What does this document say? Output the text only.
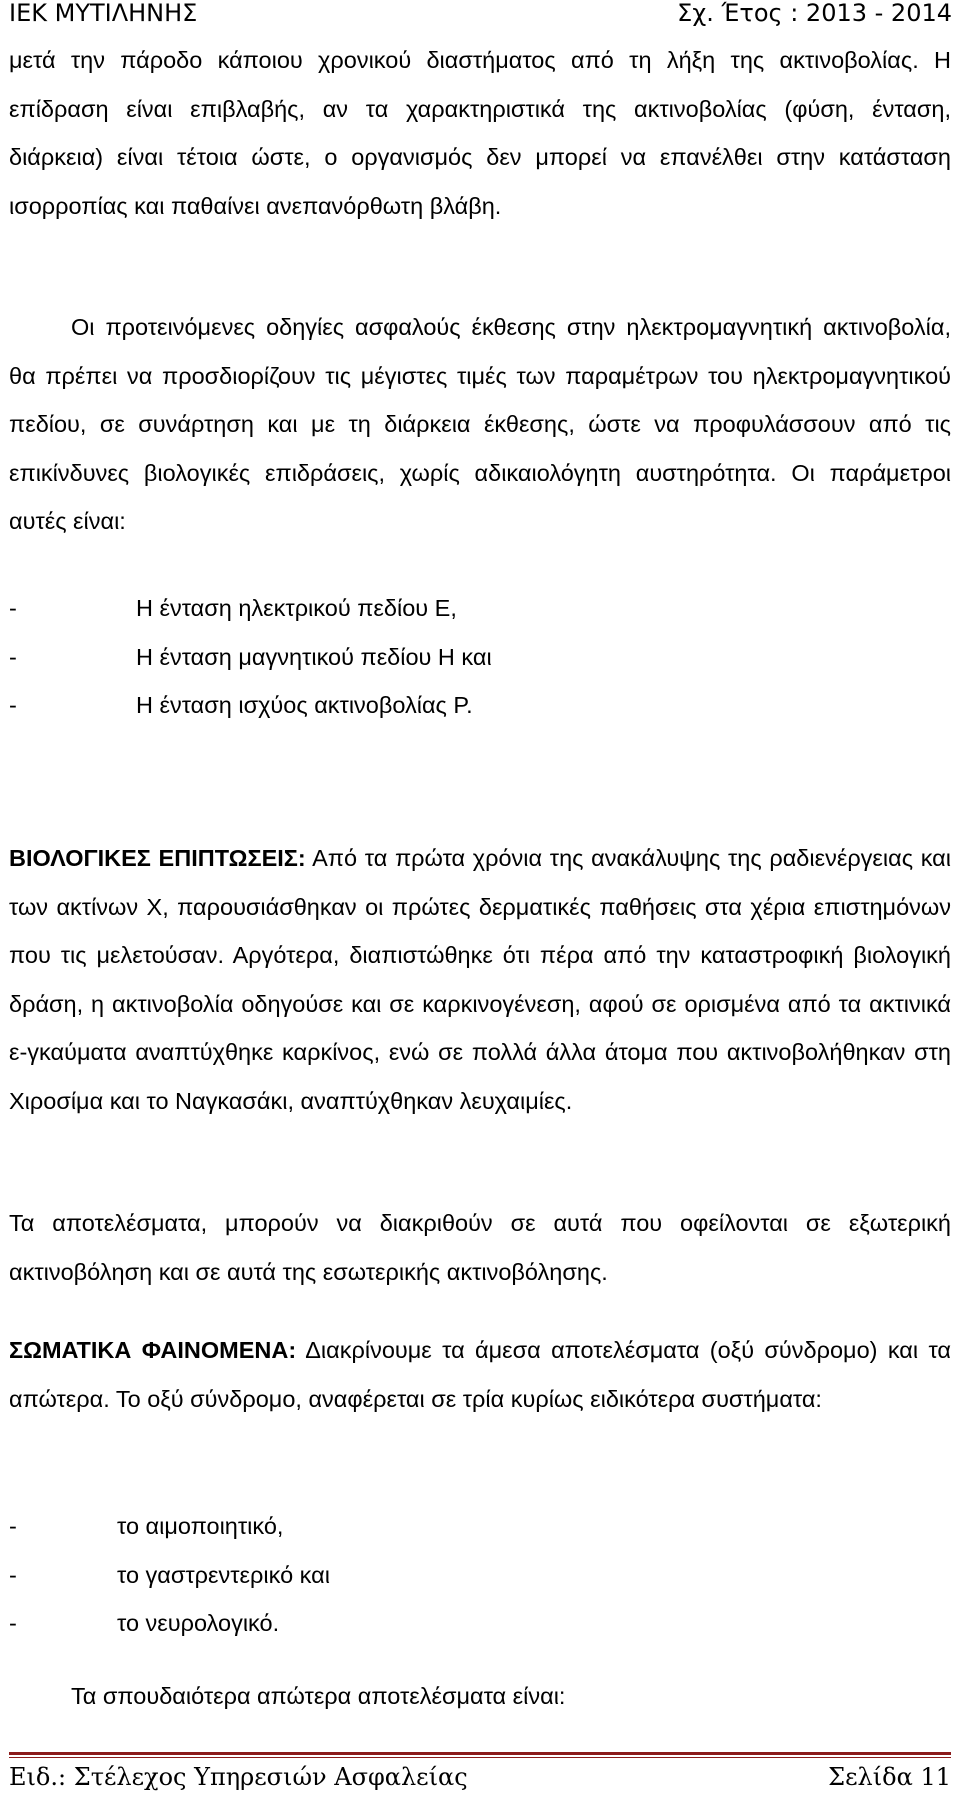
ΙΕΚ ΜΥΤΙΛΗΝΗΣ	Σχ. Έτος : 2013 - 2014
μετά την πάροδο κάποιου χρονικού διαστήματος από τη λήξη της ακτινοβολίας. Η επίδραση είναι επιβλαβής, αν τα χαρακτηριστικά της ακτινοβολίας (φύση, ένταση, διάρκεια) είναι τέτοια ώστε, ο οργανισμός δεν μπορεί να επανέλθει στην κατάσταση ισορροπίας και παθαίνει ανεπανόρθωτη βλάβη.
Οι προτεινόμενες οδηγίες ασφαλούς έκθεσης στην ηλεκτρομαγνητική ακτινοβολία, θα πρέπει να προσδιορίζουν τις μέγιστες τιμές των παραμέτρων του ηλεκτρομαγνητικού πεδίου, σε συνάρτηση και με τη διάρκεια έκθεσης, ώστε να προφυλάσσουν από τις επικίνδυνες βιολογικές επιδράσεις, χωρίς αδικαιολόγητη αυστηρότητα. Οι παράμετροι αυτές είναι:
-	Η ένταση ηλεκτρικού πεδίου Ε,
-	Η ένταση μαγνητικού πεδίου Η και
-	Η ένταση ισχύος ακτινοβολίας Ρ.
ΒΙΟΛΟΓΙΚΕΣ ΕΠΙΠΤΩΣΕΙΣ: Από τα πρώτα χρόνια της ανακάλυψης της ραδιενέργειας και των ακτίνων Χ, παρουσιάσθηκαν οι πρώτες δερματικές παθήσεις στα χέρια επιστημόνων που τις μελετούσαν. Αργότερα, διαπιστώθηκε ότι πέρα από την καταστροφική βιολογική δράση, η ακτινοβολία οδηγούσε και σε καρκινογένεση, αφού σε ορισμένα από τα ακτινικά ε-γκαύματα αναπτύχθηκε καρκίνος, ενώ σε πολλά άλλα άτομα που ακτινοβολήθηκαν στη Χιροσίμα και το Ναγκασάκι, αναπτύχθηκαν λευχαιμίες.
Τα αποτελέσματα, μπορούν να διακριθούν σε αυτά που οφείλονται σε εξωτερική ακτινοβόληση και σε αυτά της εσωτερικής ακτινοβόλησης.
ΣΩΜΑΤΙΚΑ ΦΑΙΝΟΜΕΝΑ: Διακρίνουμε τα άμεσα αποτελέσματα (οξύ σύνδρομο) και τα απώτερα. Το οξύ σύνδρομο, αναφέρεται σε τρία κυρίως ειδικότερα συστήματα:
-	το αιμοποιητικό,
-	το γαστρεντερικό και
-	το νευρολογικό.
Τα σπουδαιότερα απώτερα αποτελέσματα είναι:
Ειδ.: Στέλεχος Υπηρεσιών Ασφαλείας	Σελίδα 11
